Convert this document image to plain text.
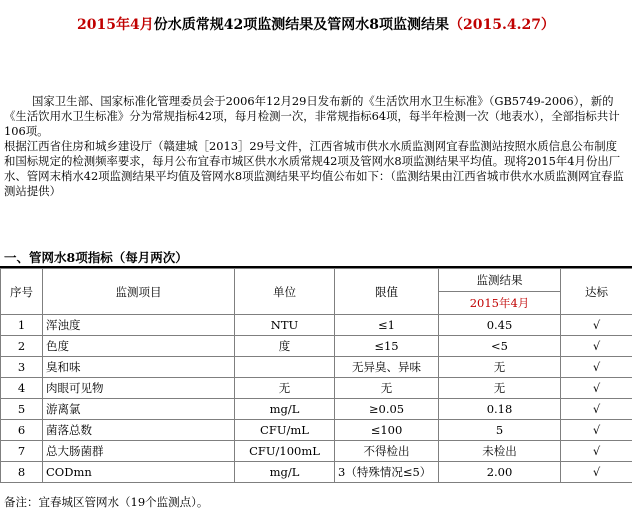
2015年4月份水质常规42项监测结果及管网水8项监测结果（2015.4.27）

国家卫生部、国家标准化管理委员会于2006年12月29日发布新的《生活饮用水卫生标准》（GB5749-2006），新的《生活饮用水卫生标准》分为常规指标42项，每月检测一次，非常规指标64项，每半年检测一次（地表水），全部指标共计106项。

根据江西省住房和城乡建设厅（赣建城［2013］29号文件，江西省城市供水水质监测网宜春监测站按照水质信息公布制度和国标规定的检测频率要求，每月公布宜春市城区供水水质常规42项及管网水8项监测结果平均值。现将2015年4月份出厂水、管网末梢水42项监测结果平均值及管网水8项监测结果平均值公布如下：（监测结果由江西省城市供水水质监测网宜春监测站提供）

一、管网水8项指标（每月两次）
序号	监测项目	单位	限值	监测结果	达标
				2015年4月	
1	浑浊度	NTU	≤1	0.45	√
2	色度	度	≤15	<5	√
3	臭和味		无异臭、异味	无	√
4	肉眼可见物	无	无	无	√
5	游离氯	mg/L	≥0.05	0.18	√
6	菌落总数	CFU/mL	≤100	5	√
7	总大肠菌群	CFU/100mL	不得检出	未检出	√
8	CODmn	mg/L	3（特殊情况≤5）	2.00	√
备注：宜春城区管网水（19个监测点）。
